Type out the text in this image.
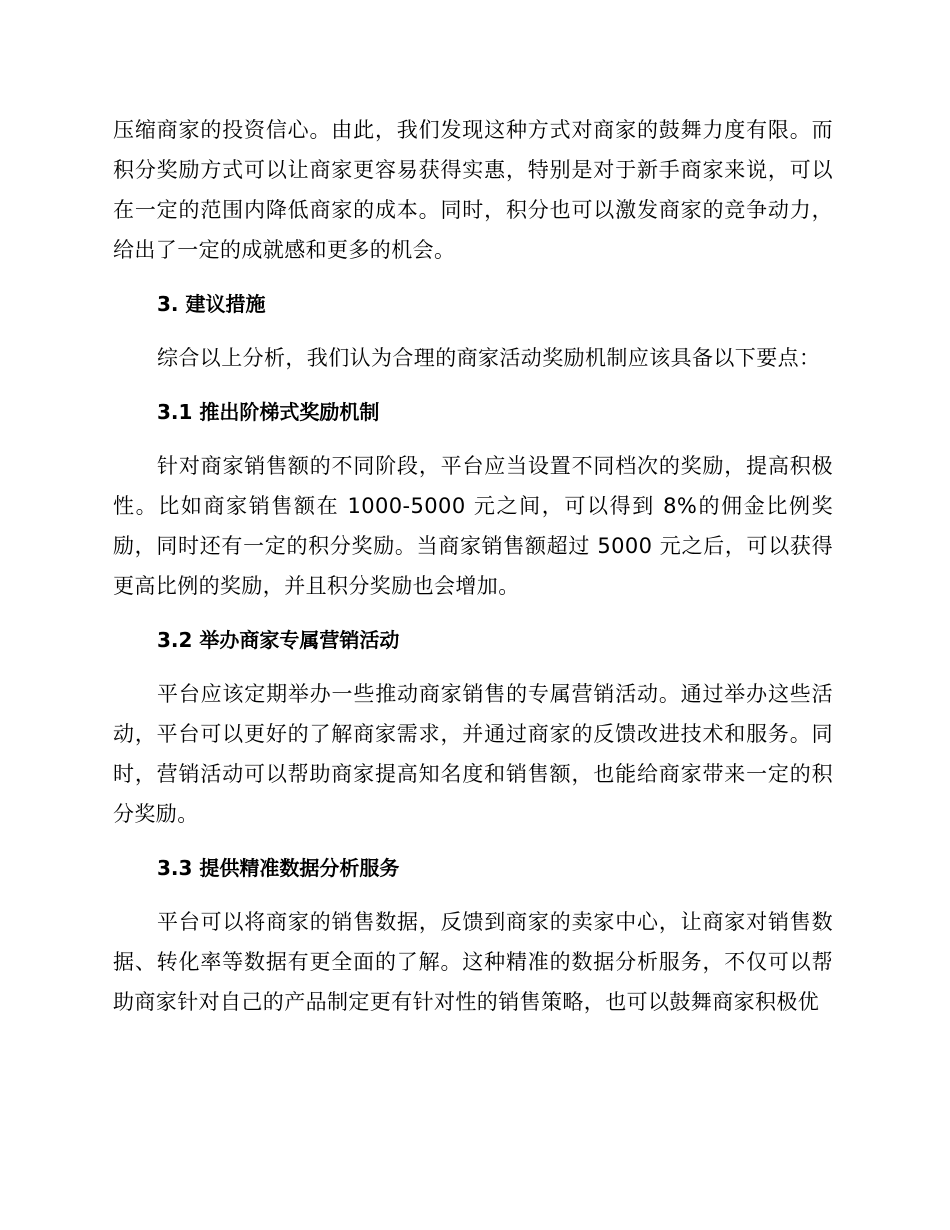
压缩商家的投资信心。由此，我们发现这种方式对商家的鼓舞力度有限。而积分奖励方式可以让商家更容易获得实惠，特别是对于新手商家来说，可以在一定的范围内降低商家的成本。同时，积分也可以激发商家的竞争动力，给出了一定的成就感和更多的机会。

3. 建议措施

综合以上分析，我们认为合理的商家活动奖励机制应该具备以下要点：

3.1 推出阶梯式奖励机制

针对商家销售额的不同阶段，平台应当设置不同档次的奖励，提高积极性。比如商家销售额在 1000-5000 元之间，可以得到 8%的佣金比例奖励，同时还有一定的积分奖励。当商家销售额超过 5000 元之后，可以获得更高比例的奖励，并且积分奖励也会增加。

3.2 举办商家专属营销活动

平台应该定期举办一些推动商家销售的专属营销活动。通过举办这些活动，平台可以更好的了解商家需求，并通过商家的反馈改进技术和服务。同时，营销活动可以帮助商家提高知名度和销售额，也能给商家带来一定的积分奖励。

3.3 提供精准数据分析服务

平台可以将商家的销售数据，反馈到商家的卖家中心，让商家对销售数据、转化率等数据有更全面的了解。这种精准的数据分析服务，不仅可以帮助商家针对自己的产品制定更有针对性的销售策略，也可以鼓舞商家积极优
